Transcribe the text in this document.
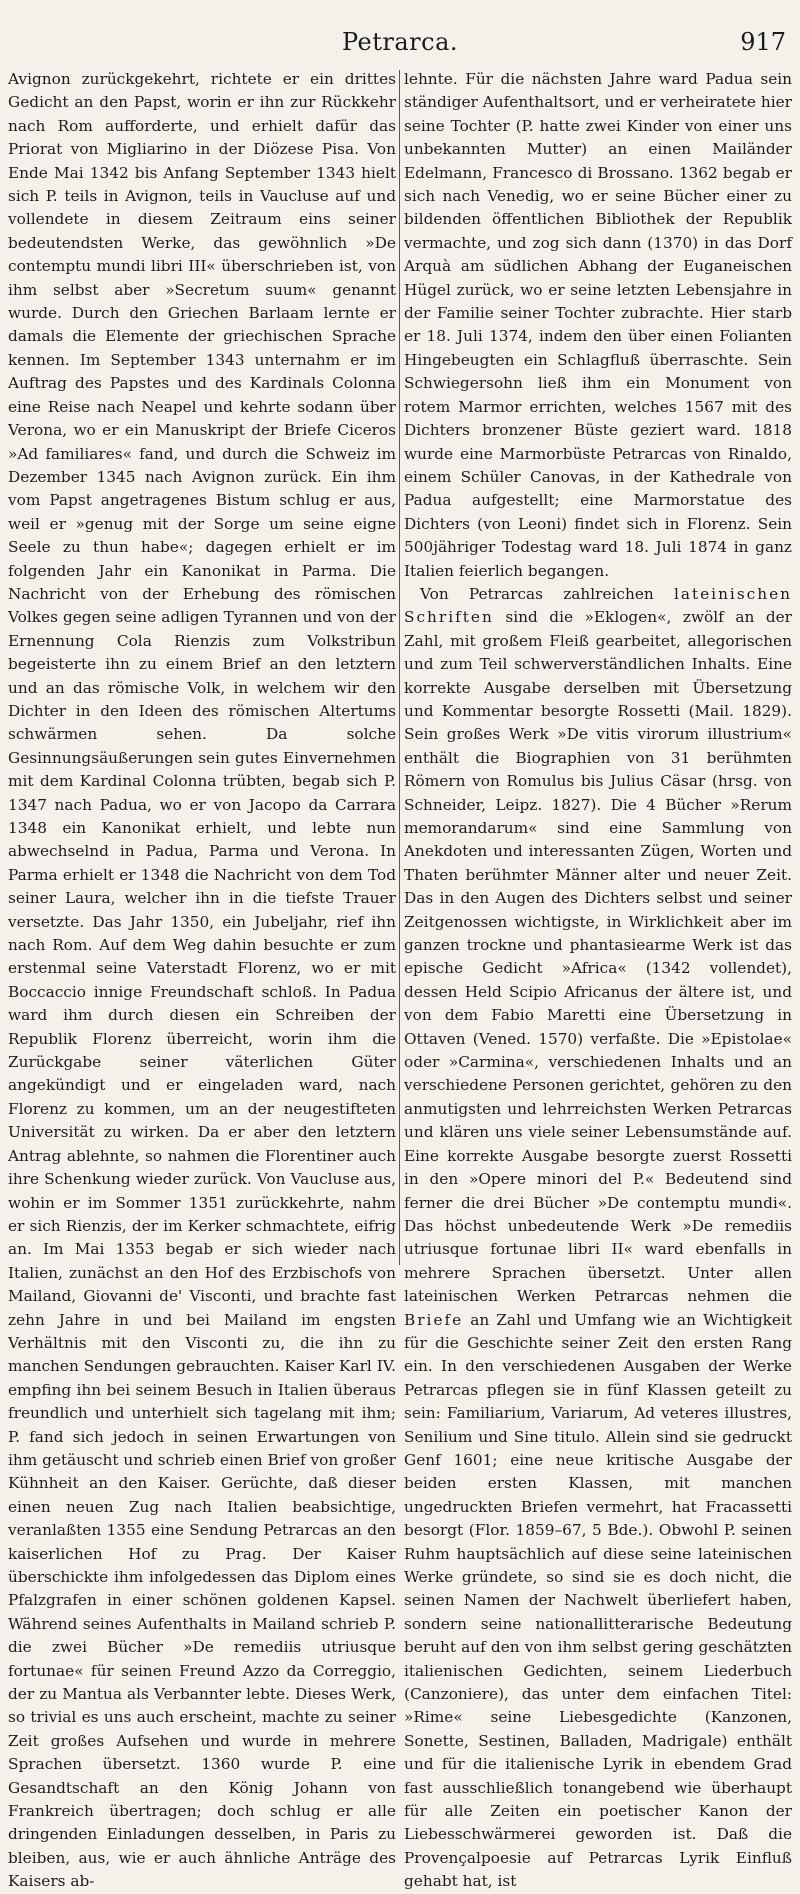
Petrarca.	917

Avignon zurückgekehrt, richtete er ein drittes Gedicht an den Papst, worin er ihn zur Rückkehr nach Rom aufforderte, und erhielt dafür das Priorat von Migliarino in der Diözese Pisa. Von Ende Mai 1342 bis Anfang September 1343 hielt sich P. teils in Avignon, teils in Vaucluse auf und vollendete in diesem Zeitraum eins seiner bedeutendsten Werke, das gewöhnlich »De contemptu mundi libri III« überschrieben ist, von ihm selbst aber »Secretum suum« genannt wurde. Durch den Griechen Barlaam lernte er damals die Elemente der griechischen Sprache kennen. Im September 1343 unternahm er im Auftrag des Papstes und des Kardinals Colonna eine Reise nach Neapel und kehrte sodann über Verona, wo er ein Manuskript der Briefe Ciceros »Ad familiares« fand, und durch die Schweiz im Dezember 1345 nach Avignon zurück. Ein ihm vom Papst angetragenes Bistum schlug er aus, weil er »genug mit der Sorge um seine eigne Seele zu thun habe«; dagegen erhielt er im folgenden Jahr ein Kanonikat in Parma. Die Nachricht von der Erhebung des römischen Volkes gegen seine adligen Tyrannen und von der Ernennung Cola Rienzis zum Volkstribun begeisterte ihn zu einem Brief an den letztern und an das römische Volk, in welchem wir den Dichter in den Ideen des römischen Altertums schwärmen sehen. Da solche Gesinnungsäußerungen sein gutes Einvernehmen mit dem Kardinal Colonna trübten, begab sich P. 1347 nach Padua, wo er von Jacopo da Carrara 1348 ein Kanonikat erhielt, und lebte nun abwechselnd in Padua, Parma und Verona. In Parma erhielt er 1348 die Nachricht von dem Tod seiner Laura, welcher ihn in die tiefste Trauer versetzte. Das Jahr 1350, ein Jubeljahr, rief ihn nach Rom. Auf dem Weg dahin besuchte er zum erstenmal seine Vaterstadt Florenz, wo er mit Boccaccio innige Freundschaft schloß. In Padua ward ihm durch diesen ein Schreiben der Republik Florenz überreicht, worin ihm die Zurückgabe seiner väterlichen Güter angekündigt und er eingeladen ward, nach Florenz zu kommen, um an der neugestifteten Universität zu wirken. Da er aber den letztern Antrag ablehnte, so nahmen die Florentiner auch ihre Schenkung wieder zurück. Von Vaucluse aus, wohin er im Sommer 1351 zurückkehrte, nahm er sich Rienzis, der im Kerker schmachtete, eifrig an. Im Mai 1353 begab er sich wieder nach Italien, zunächst an den Hof des Erzbischofs von Mailand, Giovanni de' Visconti, und brachte fast zehn Jahre in und bei Mailand im engsten Verhältnis mit den Visconti zu, die ihn zu manchen Sendungen gebrauchten. Kaiser Karl IV. empfing ihn bei seinem Besuch in Italien überaus freundlich und unterhielt sich tagelang mit ihm; P. fand sich jedoch in seinen Erwartungen von ihm getäuscht und schrieb einen Brief von großer Kühnheit an den Kaiser. Gerüchte, daß dieser einen neuen Zug nach Italien beabsichtige, veranlaßten 1355 eine Sendung Petrarcas an den kaiserlichen Hof zu Prag. Der Kaiser überschickte ihm infolgedessen das Diplom eines Pfalzgrafen in einer schönen goldenen Kapsel. Während seines Aufenthalts in Mailand schrieb P. die zwei Bücher »De remediis utriusque fortunae« für seinen Freund Azzo da Correggio, der zu Mantua als Verbannter lebte. Dieses Werk, so trivial es uns auch erscheint, machte zu seiner Zeit großes Aufsehen und wurde in mehrere Sprachen übersetzt. 1360 wurde P. eine Gesandtschaft an den König Johann von Frankreich übertragen; doch schlug er alle dringenden Einladungen desselben, in Paris zu bleiben, aus, wie er auch ähnliche Anträge des Kaisers ab-

lehnte. Für die nächsten Jahre ward Padua sein ständiger Aufenthaltsort, und er verheiratete hier seine Tochter (P. hatte zwei Kinder von einer uns unbekannten Mutter) an einen Mailänder Edelmann, Francesco di Brossano. 1362 begab er sich nach Venedig, wo er seine Bücher einer zu bildenden öffentlichen Bibliothek der Republik vermachte, und zog sich dann (1370) in das Dorf Arquà am südlichen Abhang der Euganeischen Hügel zurück, wo er seine letzten Lebensjahre in der Familie seiner Tochter zubrachte. Hier starb er 18. Juli 1374, indem den über einen Folianten Hingebeugten ein Schlagfluß überraschte. Sein Schwiegersohn ließ ihm ein Monument von rotem Marmor errichten, welches 1567 mit des Dichters bronzener Büste geziert ward. 1818 wurde eine Marmorbüste Petrarcas von Rinaldo, einem Schüler Canovas, in der Kathedrale von Padua aufgestellt; eine Marmorstatue des Dichters (von Leoni) findet sich in Florenz. Sein 500jähriger Todestag ward 18. Juli 1874 in ganz Italien feierlich begangen.

Von Petrarcas zahlreichen lateinischen Schriften sind die »Eklogen«, zwölf an der Zahl, mit großem Fleiß gearbeitet, allegorischen und zum Teil schwerverständlichen Inhalts. Eine korrekte Ausgabe derselben mit Übersetzung und Kommentar besorgte Rossetti (Mail. 1829). Sein großes Werk »De vitis virorum illustrium« enthält die Biographien von 31 berühmten Römern von Romulus bis Julius Cäsar (hrsg. von Schneider, Leipz. 1827). Die 4 Bücher »Rerum memorandarum« sind eine Sammlung von Anekdoten und interessanten Zügen, Worten und Thaten berühmter Männer alter und neuer Zeit. Das in den Augen des Dichters selbst und seiner Zeitgenossen wichtigste, in Wirklichkeit aber im ganzen trockne und phantasiearme Werk ist das epische Gedicht »Africa« (1342 vollendet), dessen Held Scipio Africanus der ältere ist, und von dem Fabio Maretti eine Übersetzung in Ottaven (Vened. 1570) verfaßte. Die »Epistolae« oder »Carmina«, verschiedenen Inhalts und an verschiedene Personen gerichtet, gehören zu den anmutigsten und lehrreichsten Werken Petrarcas und klären uns viele seiner Lebensumstände auf. Eine korrekte Ausgabe besorgte zuerst Rossetti in den »Opere minori del P.« Bedeutend sind ferner die drei Bücher »De contemptu mundi«. Das höchst unbedeutende Werk »De remediis utriusque fortunae libri II« ward ebenfalls in mehrere Sprachen übersetzt. Unter allen lateinischen Werken Petrarcas nehmen die Briefe an Zahl und Umfang wie an Wichtigkeit für die Geschichte seiner Zeit den ersten Rang ein. In den verschiedenen Ausgaben der Werke Petrarcas pflegen sie in fünf Klassen geteilt zu sein: Familiarium, Variarum, Ad veteres illustres, Senilium und Sine titulo. Allein sind sie gedruckt Genf 1601; eine neue kritische Ausgabe der beiden ersten Klassen, mit manchen ungedruckten Briefen vermehrt, hat Fracassetti besorgt (Flor. 1859–67, 5 Bde.). Obwohl P. seinen Ruhm hauptsächlich auf diese seine lateinischen Werke gründete, so sind sie es doch nicht, die seinen Namen der Nachwelt überliefert haben, sondern seine nationallitterarische Bedeutung beruht auf den von ihm selbst gering geschätzten italienischen Gedichten, seinem Liederbuch (Canzoniere), das unter dem einfachen Titel: »Rime« seine Liebesgedichte (Kanzonen, Sonette, Sestinen, Balladen, Madrigale) enthält und für die italienische Lyrik in ebendem Grad fast ausschließlich tonangebend wie überhaupt für alle Zeiten ein poetischer Kanon der Liebesschwärmerei geworden ist. Daß die Provençalpoesie auf Petrarcas Lyrik Einfluß gehabt hat, ist
